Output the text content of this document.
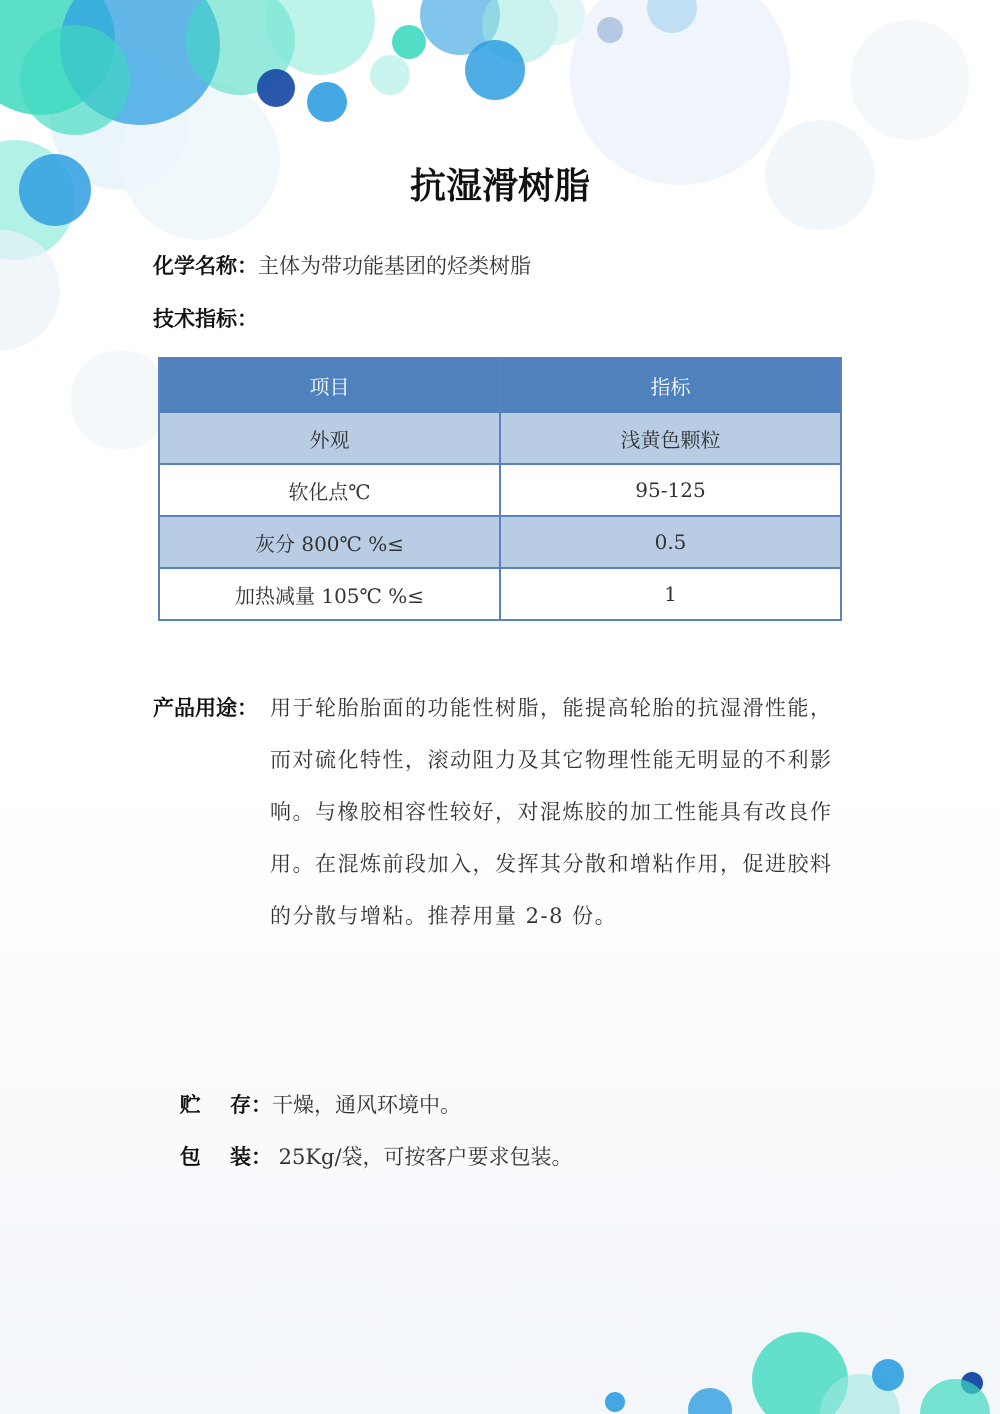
抗湿滑树脂
化学名称：主体为带功能基团的烃类树脂
技术指标：
项目	指标
外观	浅黄色颗粒
软化点℃	95-125
灰分 800℃ %≤	0.5
加热减量 105℃ %≤	1
产品用途： 用于轮胎胎面的功能性树脂，能提高轮胎的抗湿滑性能，而对硫化特性，滚动阻力及其它物理性能无明显的不利影响。与橡胶相容性较好，对混炼胶的加工性能具有改良作用。在混炼前段加入，发挥其分散和增粘作用，促进胶料的分散与增粘。推荐用量 2-8 份。

贮    存：干燥，通风环境中。

包    装： 25Kg/袋，可按客户要求包装。
